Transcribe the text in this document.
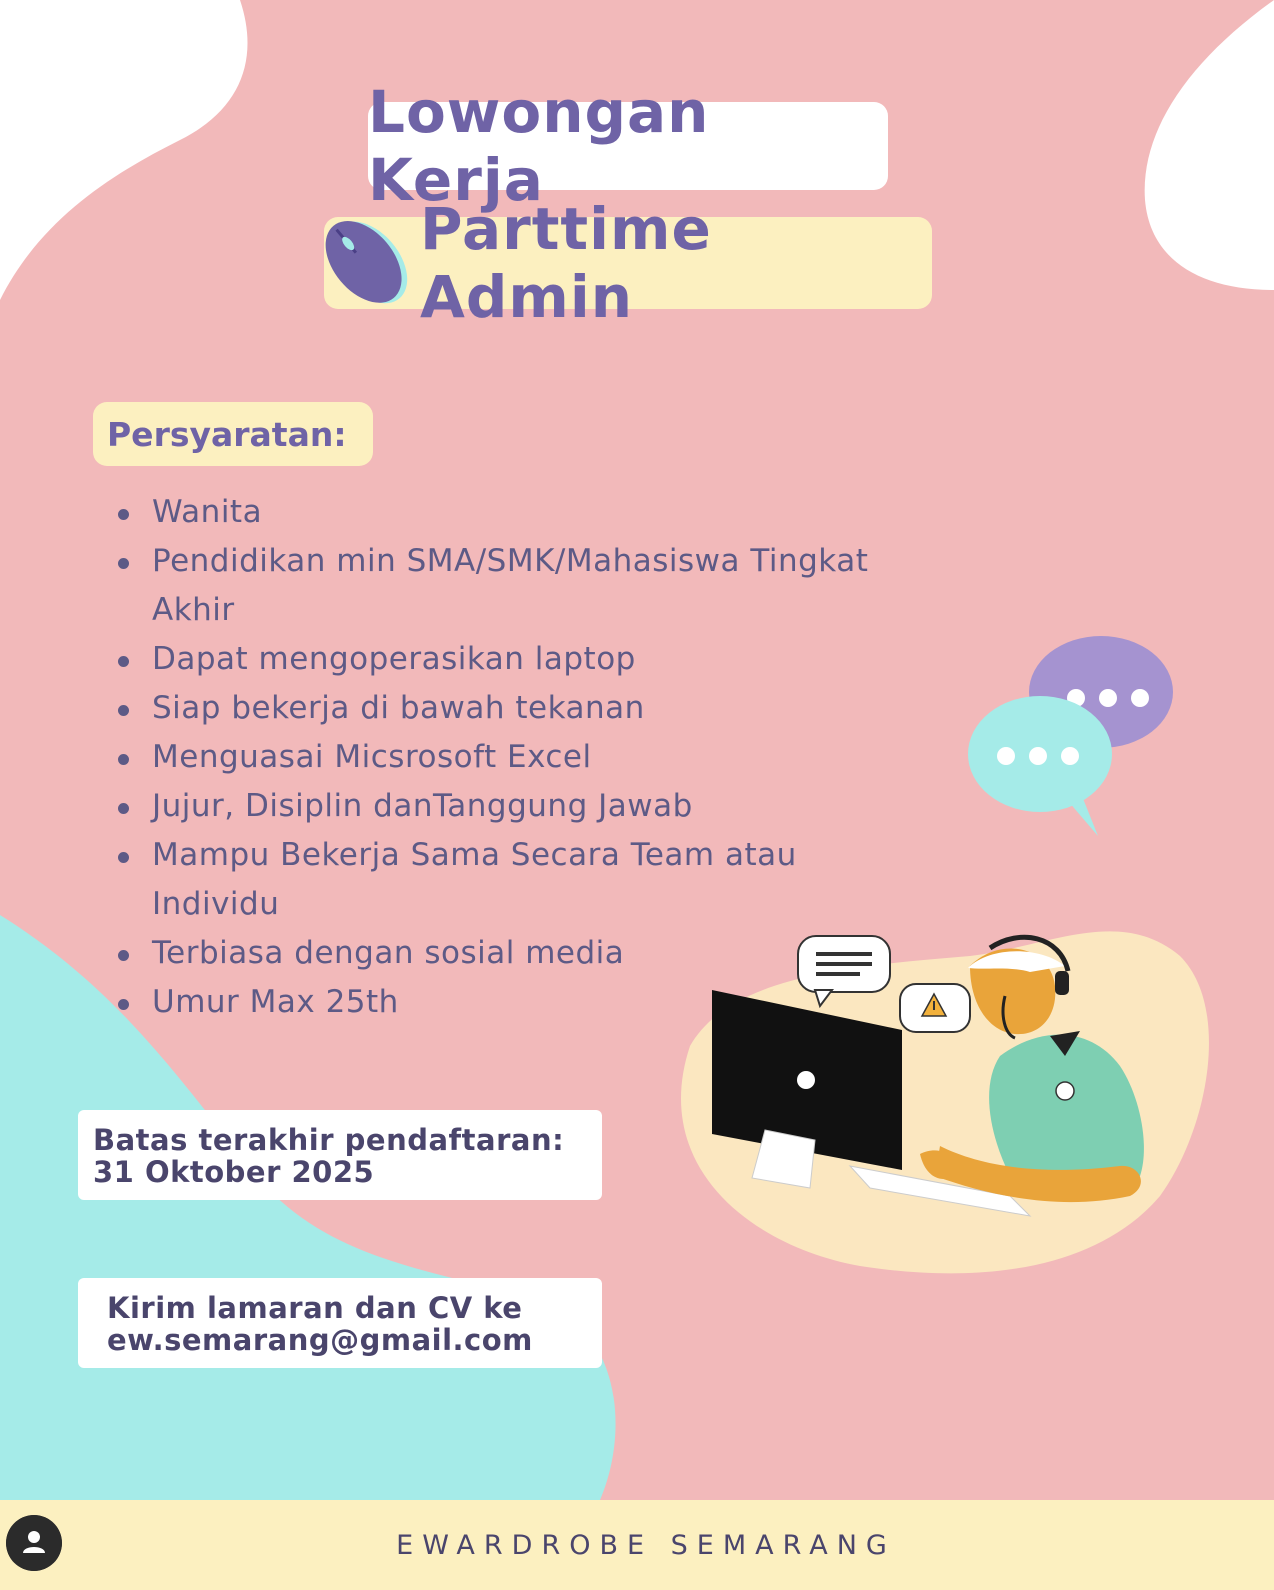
Lowongan Kerja
Parttime Admin
Persyaratan:
Wanita
Pendidikan min SMA/SMK/Mahasiswa Tingkat Akhir
Dapat mengoperasikan laptop
Siap bekerja di bawah tekanan
Menguasai Micsrosoft Excel
Jujur, Disiplin danTanggung Jawab
Mampu Bekerja Sama Secara Team atau Individu
Terbiasa dengan sosial media
Umur Max 25th
Batas terakhir pendaftaran:
31 Oktober 2025
Kirim lamaran dan CV ke
ew.semarang@gmail.com
EWARDROBE SEMARANG
